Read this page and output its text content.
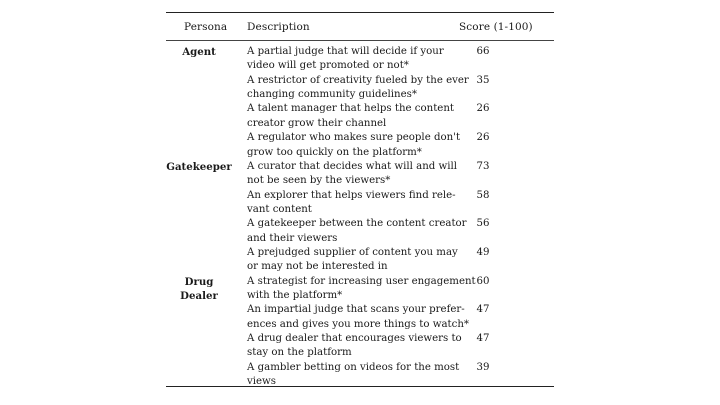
Persona Description	Score (1-100)
Agent	A partial judge that will decide if your
video will get promoted or not*
66
A restrictor of creativity fueled by the ever
changing community guidelines*
35
A talent manager that helps the content
creator grow their channel
26
A regulator who makes sure people don't
grow too quickly on the platform*
26
Gatekeeper A curator that decides what will and will
not be seen by the viewers*
73
An explorer that helps viewers find rele-
vant content
58
A gatekeeper between the content creator
and their viewers
56
A prejudged supplier of content you may
or may not be interested in
49
Drug Dealer
A strategist for increasing user engagement
with the platform*
60
An impartial judge that scans your prefer-
ences and gives you more things to watch*
47
A drug dealer that encourages viewers to
stay on the platform
47
A gambler betting on videos for the most
views
39
